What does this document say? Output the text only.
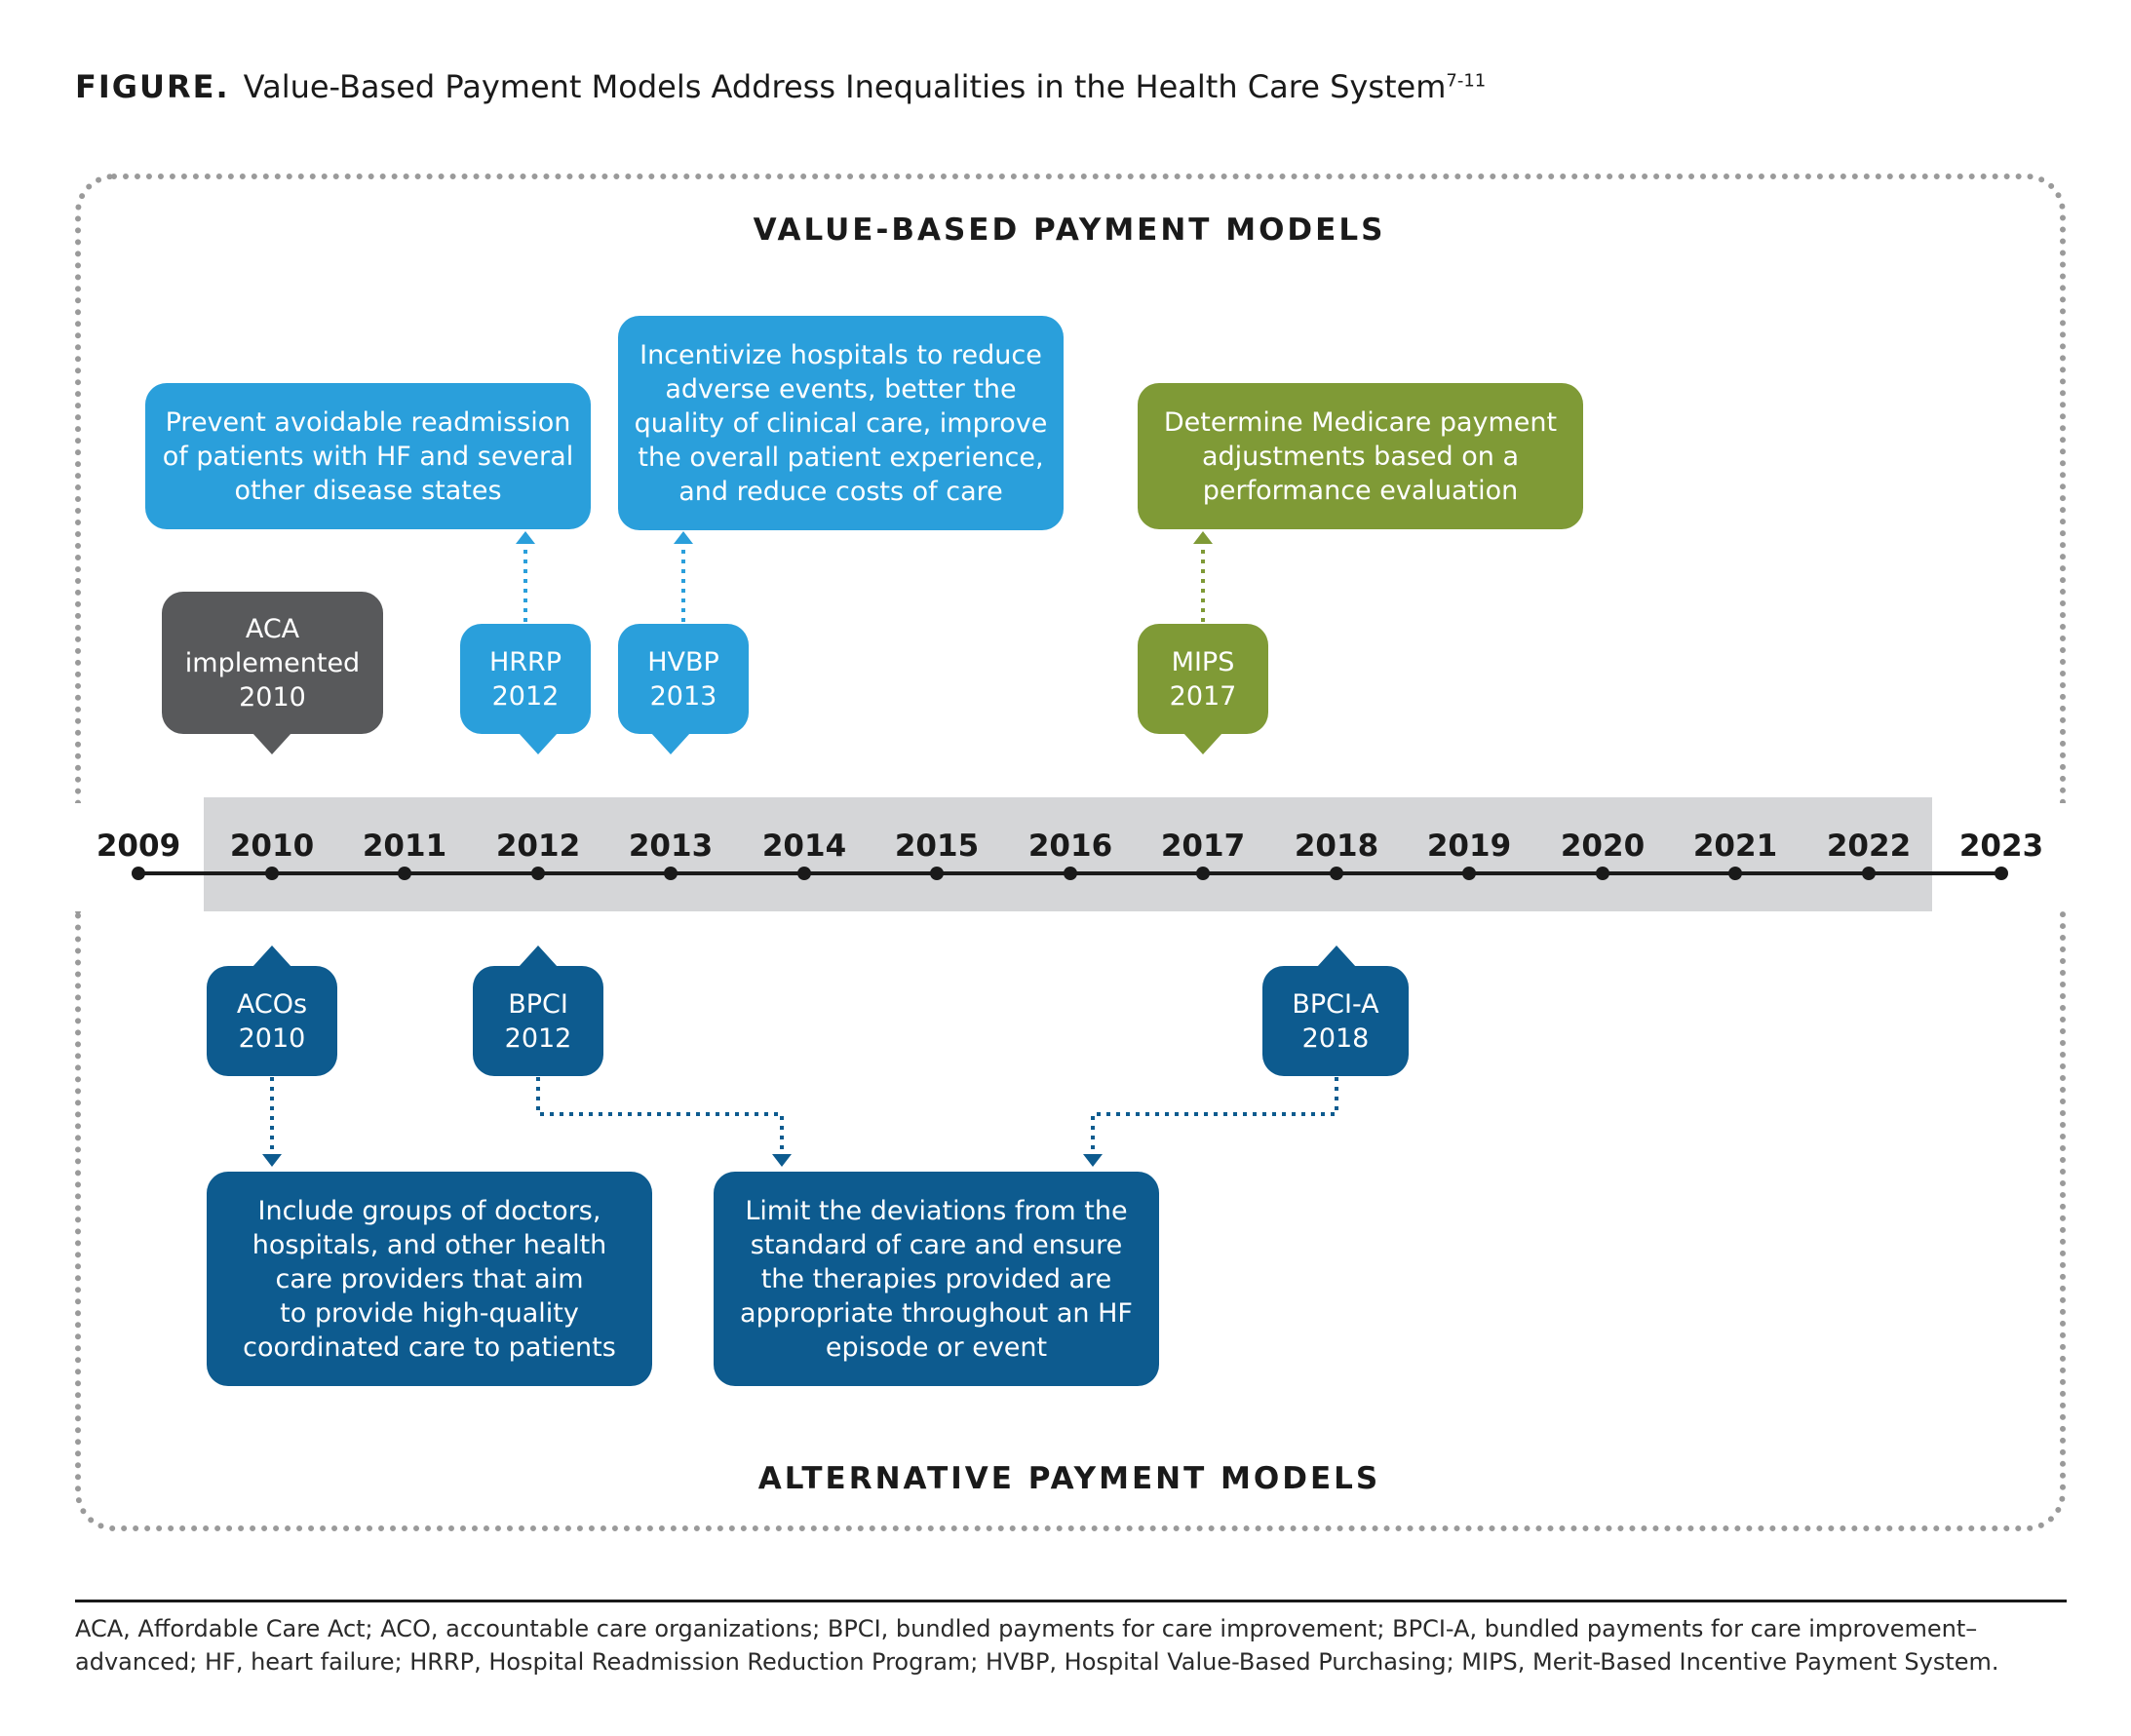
FIGURE. Value-Based Payment Models Address Inequalities in the Health Care System$^{7-11}$
VALUE-BASED PAYMENT MODELS
ALTERNATIVE PAYMENT MODELS
2009	2010	2011	2012	2013	2014	2015	2016	2017	2018	2019	2020	2021	2022	2023
Prevent avoidable readmission
of patients with HF and several
other disease states
Incentivize hospitals to reduce
adverse events, better the
quality of clinical care, improve
the overall patient experience,
and reduce costs of care
Determine Medicare payment
adjustments based on a
performance evaluation
ACA
implemented
2010
HRRP
2012
HVBP
2013
MIPS
2017
ACOs
2010
BPCI
2012
BPCI-A
2018
Include groups of doctors,
hospitals, and other health
care providers that aim
to provide high-quality
coordinated care to patients
Limit the deviations from the
standard of care and ensure
the therapies provided are
appropriate throughout an HF
episode or event
ACA, Affordable Care Act; ACO, accountable care organizations; BPCI, bundled payments for care improvement; BPCI-A, bundled payments for care improvement–advanced; HF, heart failure; HRRP, Hospital Readmission Reduction Program; HVBP, Hospital Value-Based Purchasing; MIPS, Merit-Based Incentive Payment System.
